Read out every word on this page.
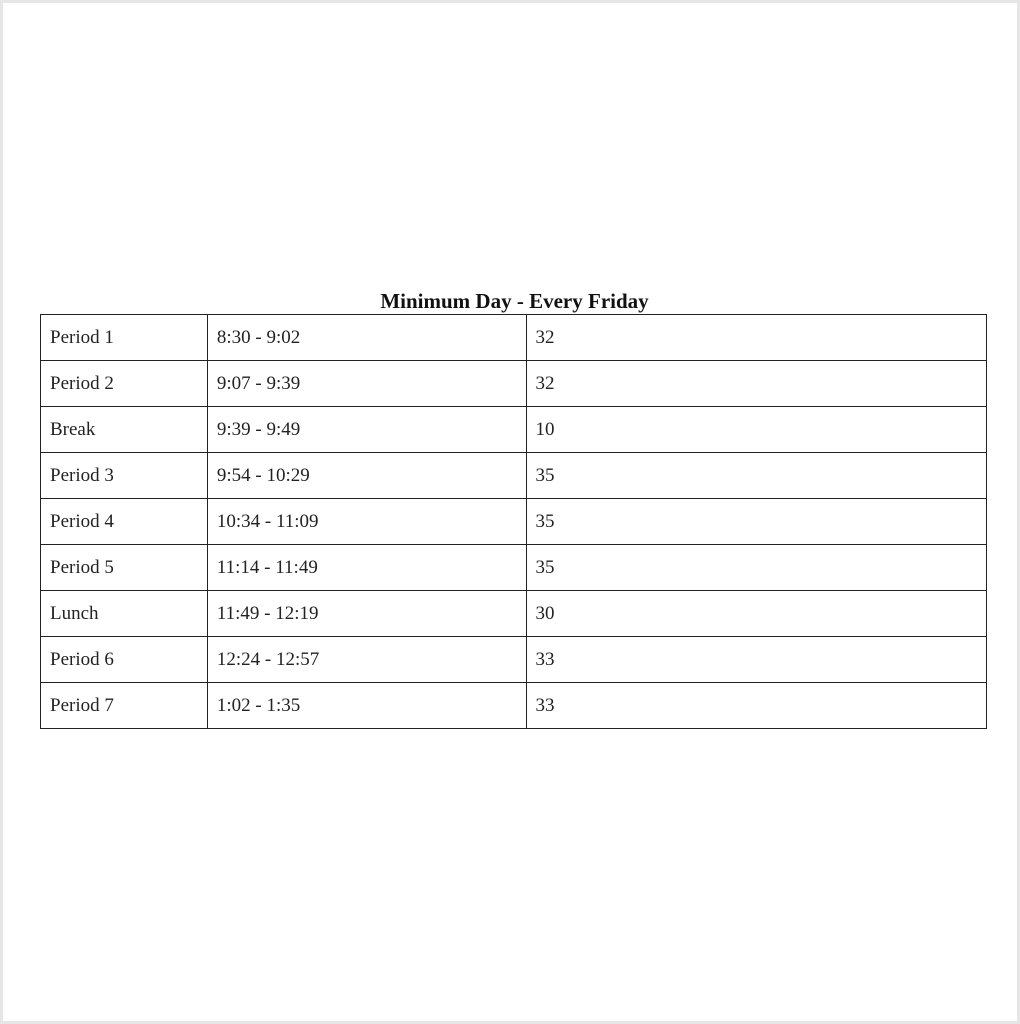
Minimum Day - Every Friday
Period 1	8:30 - 9:02	32
Period 2	9:07 - 9:39	32
Break	9:39 - 9:49	10
Period 3	9:54 - 10:29	35
Period 4	10:34 - 11:09	35
Period 5	11:14 - 11:49	35
Lunch	11:49 - 12:19	30
Period 6	12:24 - 12:57	33
Period 7	1:02 - 1:35	33
